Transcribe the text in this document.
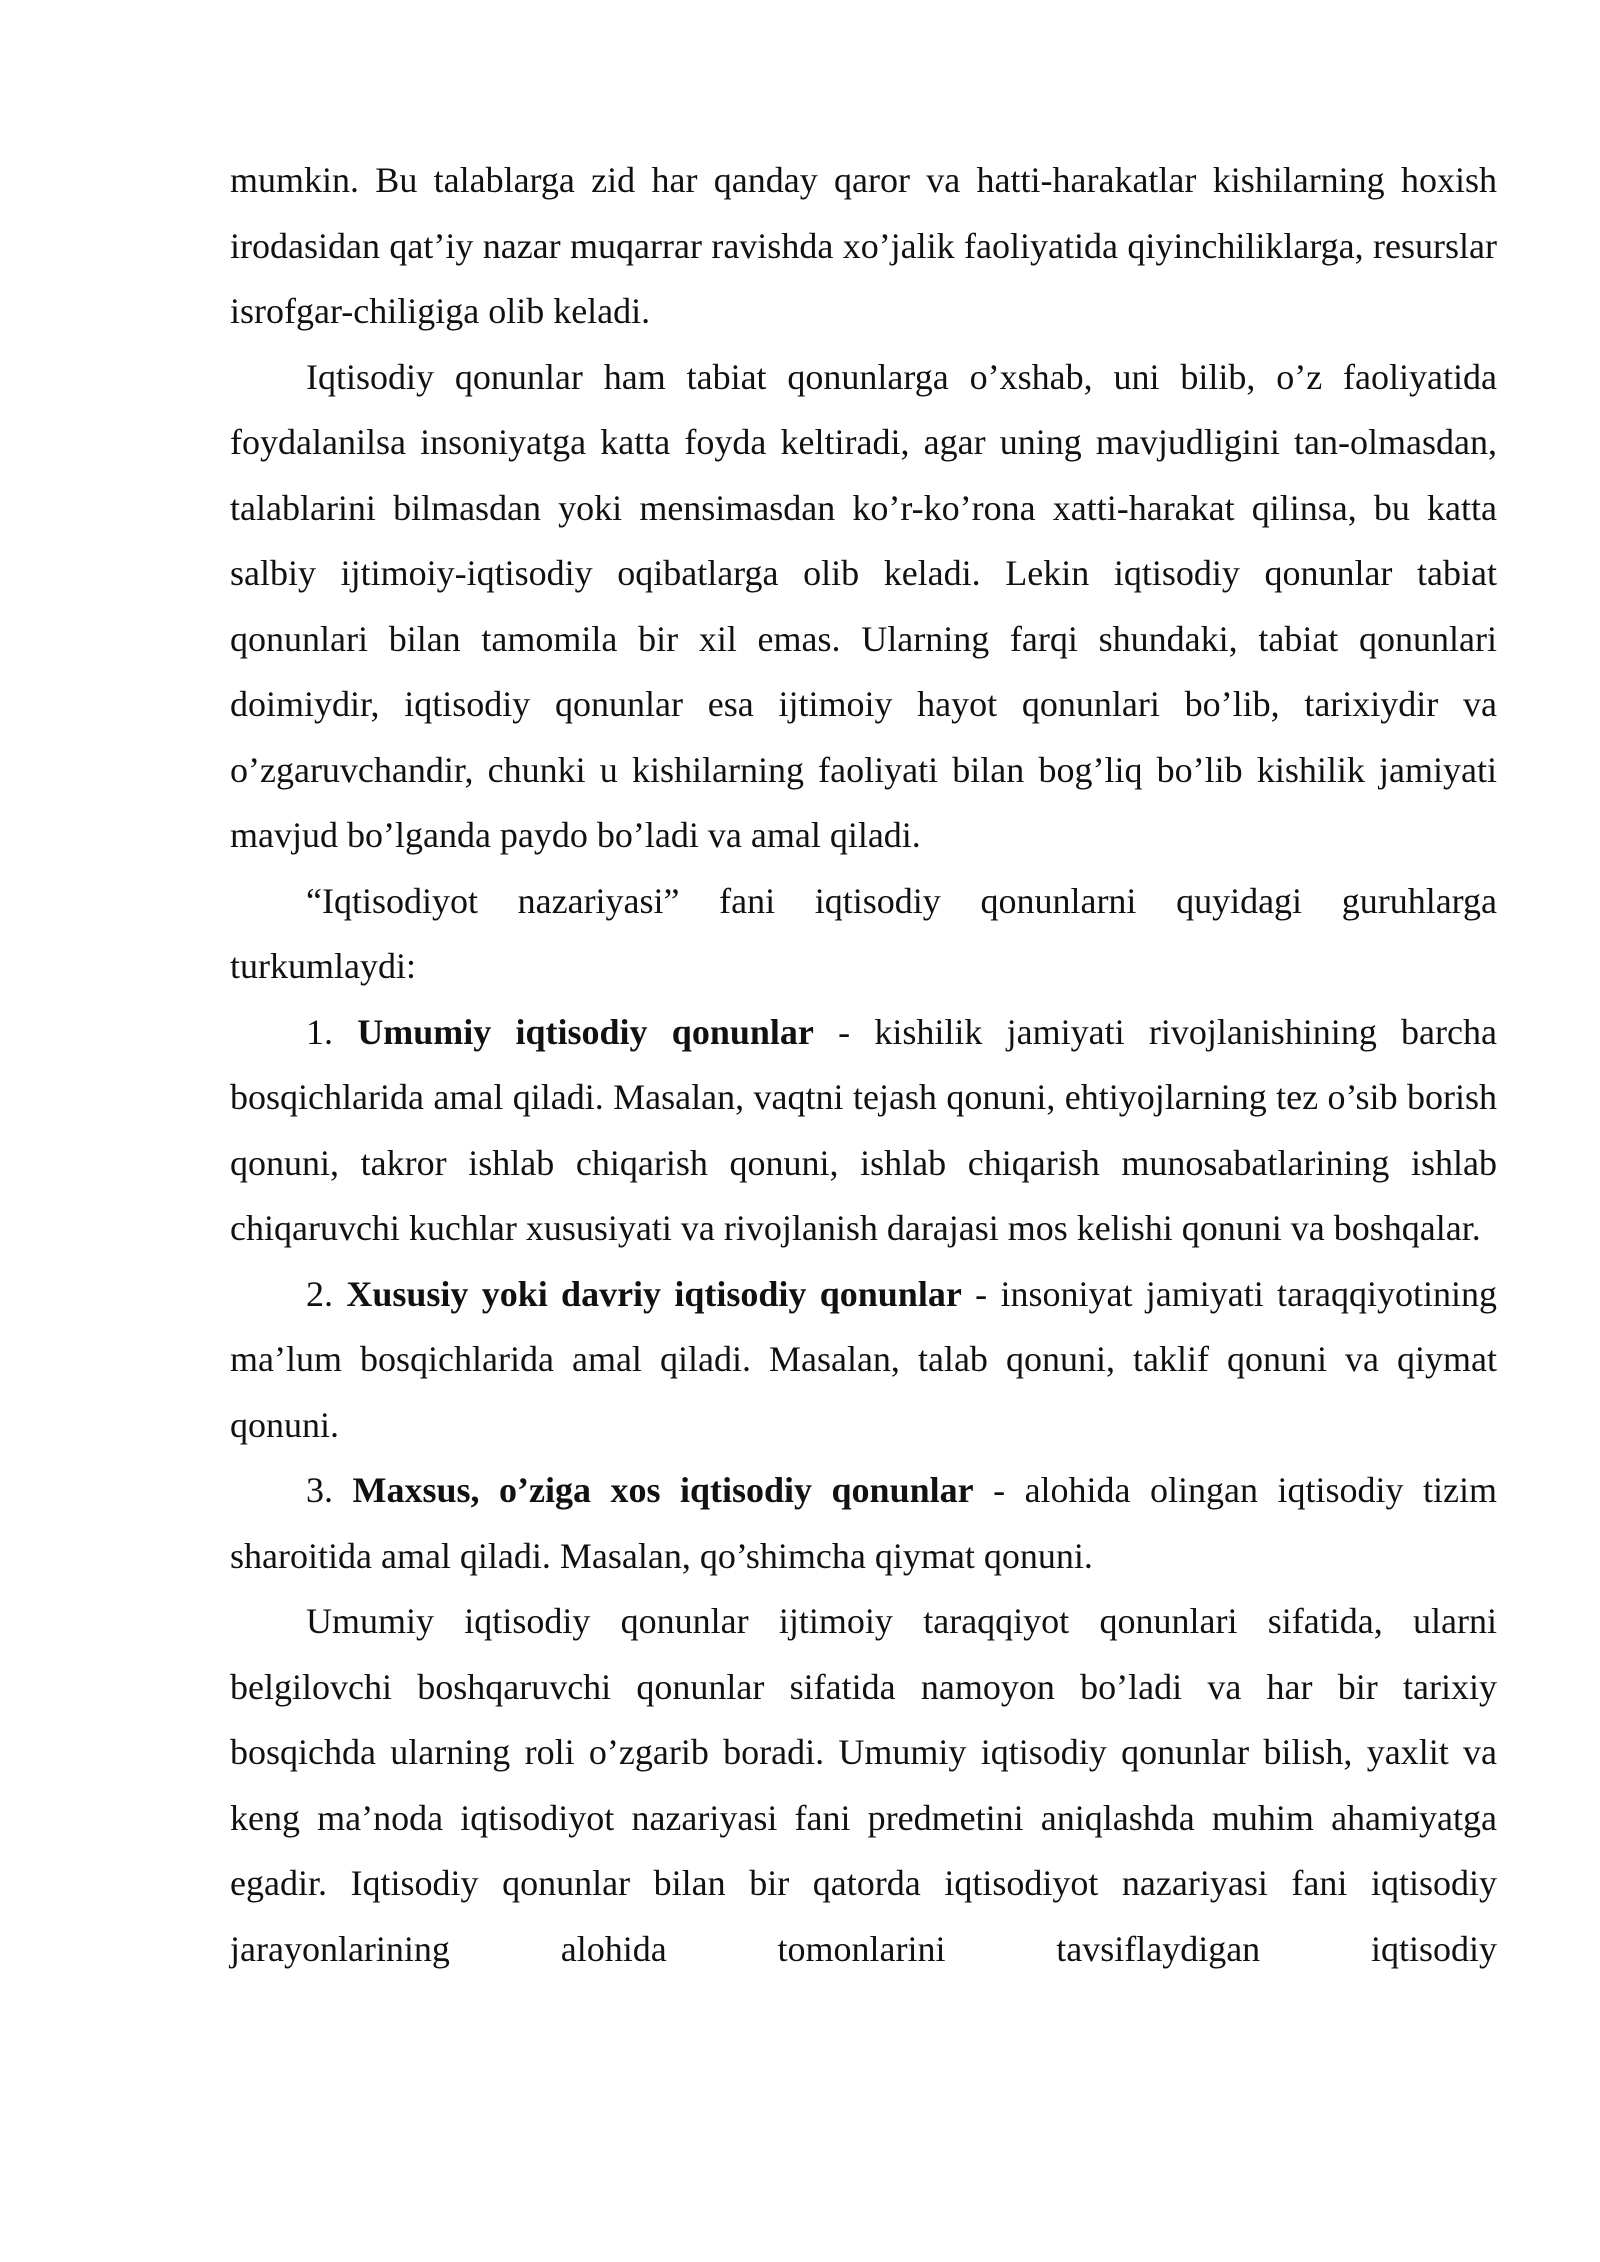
mumkin. Bu talablarga zid har qanday qaror va hatti-harakatlar kishilarning hoxish irodasidan qat’iy nazar muqarrar ravishda xo’jalik faoliyatida qiyinchiliklarga, resurslar isrofgar-chiligiga olib keladi.

Iqtisodiy qonunlar ham tabiat qonunlarga o’xshab, uni bilib, o’z faoliyatida foydalanilsa insoniyatga katta foyda keltiradi, agar uning mavjudligini tan-olmasdan, talablarini bilmasdan yoki mensimasdan ko’r-ko’rona xatti-harakat qilinsa, bu katta salbiy ijtimoiy-iqtisodiy oqibatlarga olib keladi. Lekin iqtisodiy qonunlar tabiat qonunlari bilan tamomila bir xil emas. Ularning farqi shundaki, tabiat qonunlari doimiydir, iqtisodiy qonunlar esa ijtimoiy hayot qonunlari bo’lib, tarixiydir va o’zgaruvchandir, chunki u kishilarning faoliyati bilan bog’liq bo’lib kishilik jamiyati mavjud bo’lganda paydo bo’ladi va amal qiladi.

“Iqtisodiyot nazariyasi” fani iqtisodiy qonunlarni quyidagi guruhlarga turkumlaydi:

1. Umumiy iqtisodiy qonunlar - kishilik jamiyati rivojlanishining barcha bosqichlarida amal qiladi. Masalan, vaqtni tejash qonuni, ehtiyojlarning tez o’sib borish qonuni, takror ishlab chiqarish qonuni, ishlab chiqarish munosabatlarining ishlab chiqaruvchi kuchlar xususiyati va rivojlanish darajasi mos kelishi qonuni va boshqalar.

2. Xususiy yoki davriy iqtisodiy qonunlar - insoniyat jamiyati taraqqiyotining ma’lum bosqichlarida amal qiladi. Masalan, talab qonuni, taklif qonuni va qiymat qonuni.

3. Maxsus, o’ziga xos iqtisodiy qonunlar - alohida olingan iqtisodiy tizim sharoitida amal qiladi. Masalan, qo’shimcha qiymat qonuni.

Umumiy iqtisodiy qonunlar ijtimoiy taraqqiyot qonunlari sifatida, ularni belgilovchi boshqaruvchi qonunlar sifatida namoyon bo’ladi va har bir tarixiy bosqichda ularning roli o’zgarib boradi. Umumiy iqtisodiy qonunlar bilish, yaxlit va keng ma’noda iqtisodiyot nazariyasi fani predmetini aniqlashda muhim ahamiyatga egadir. Iqtisodiy qonunlar bilan bir qatorda iqtisodiyot nazariyasi fani iqtisodiy jarayonlarining alohida tomonlarini tavsiflaydigan iqtisodiy
